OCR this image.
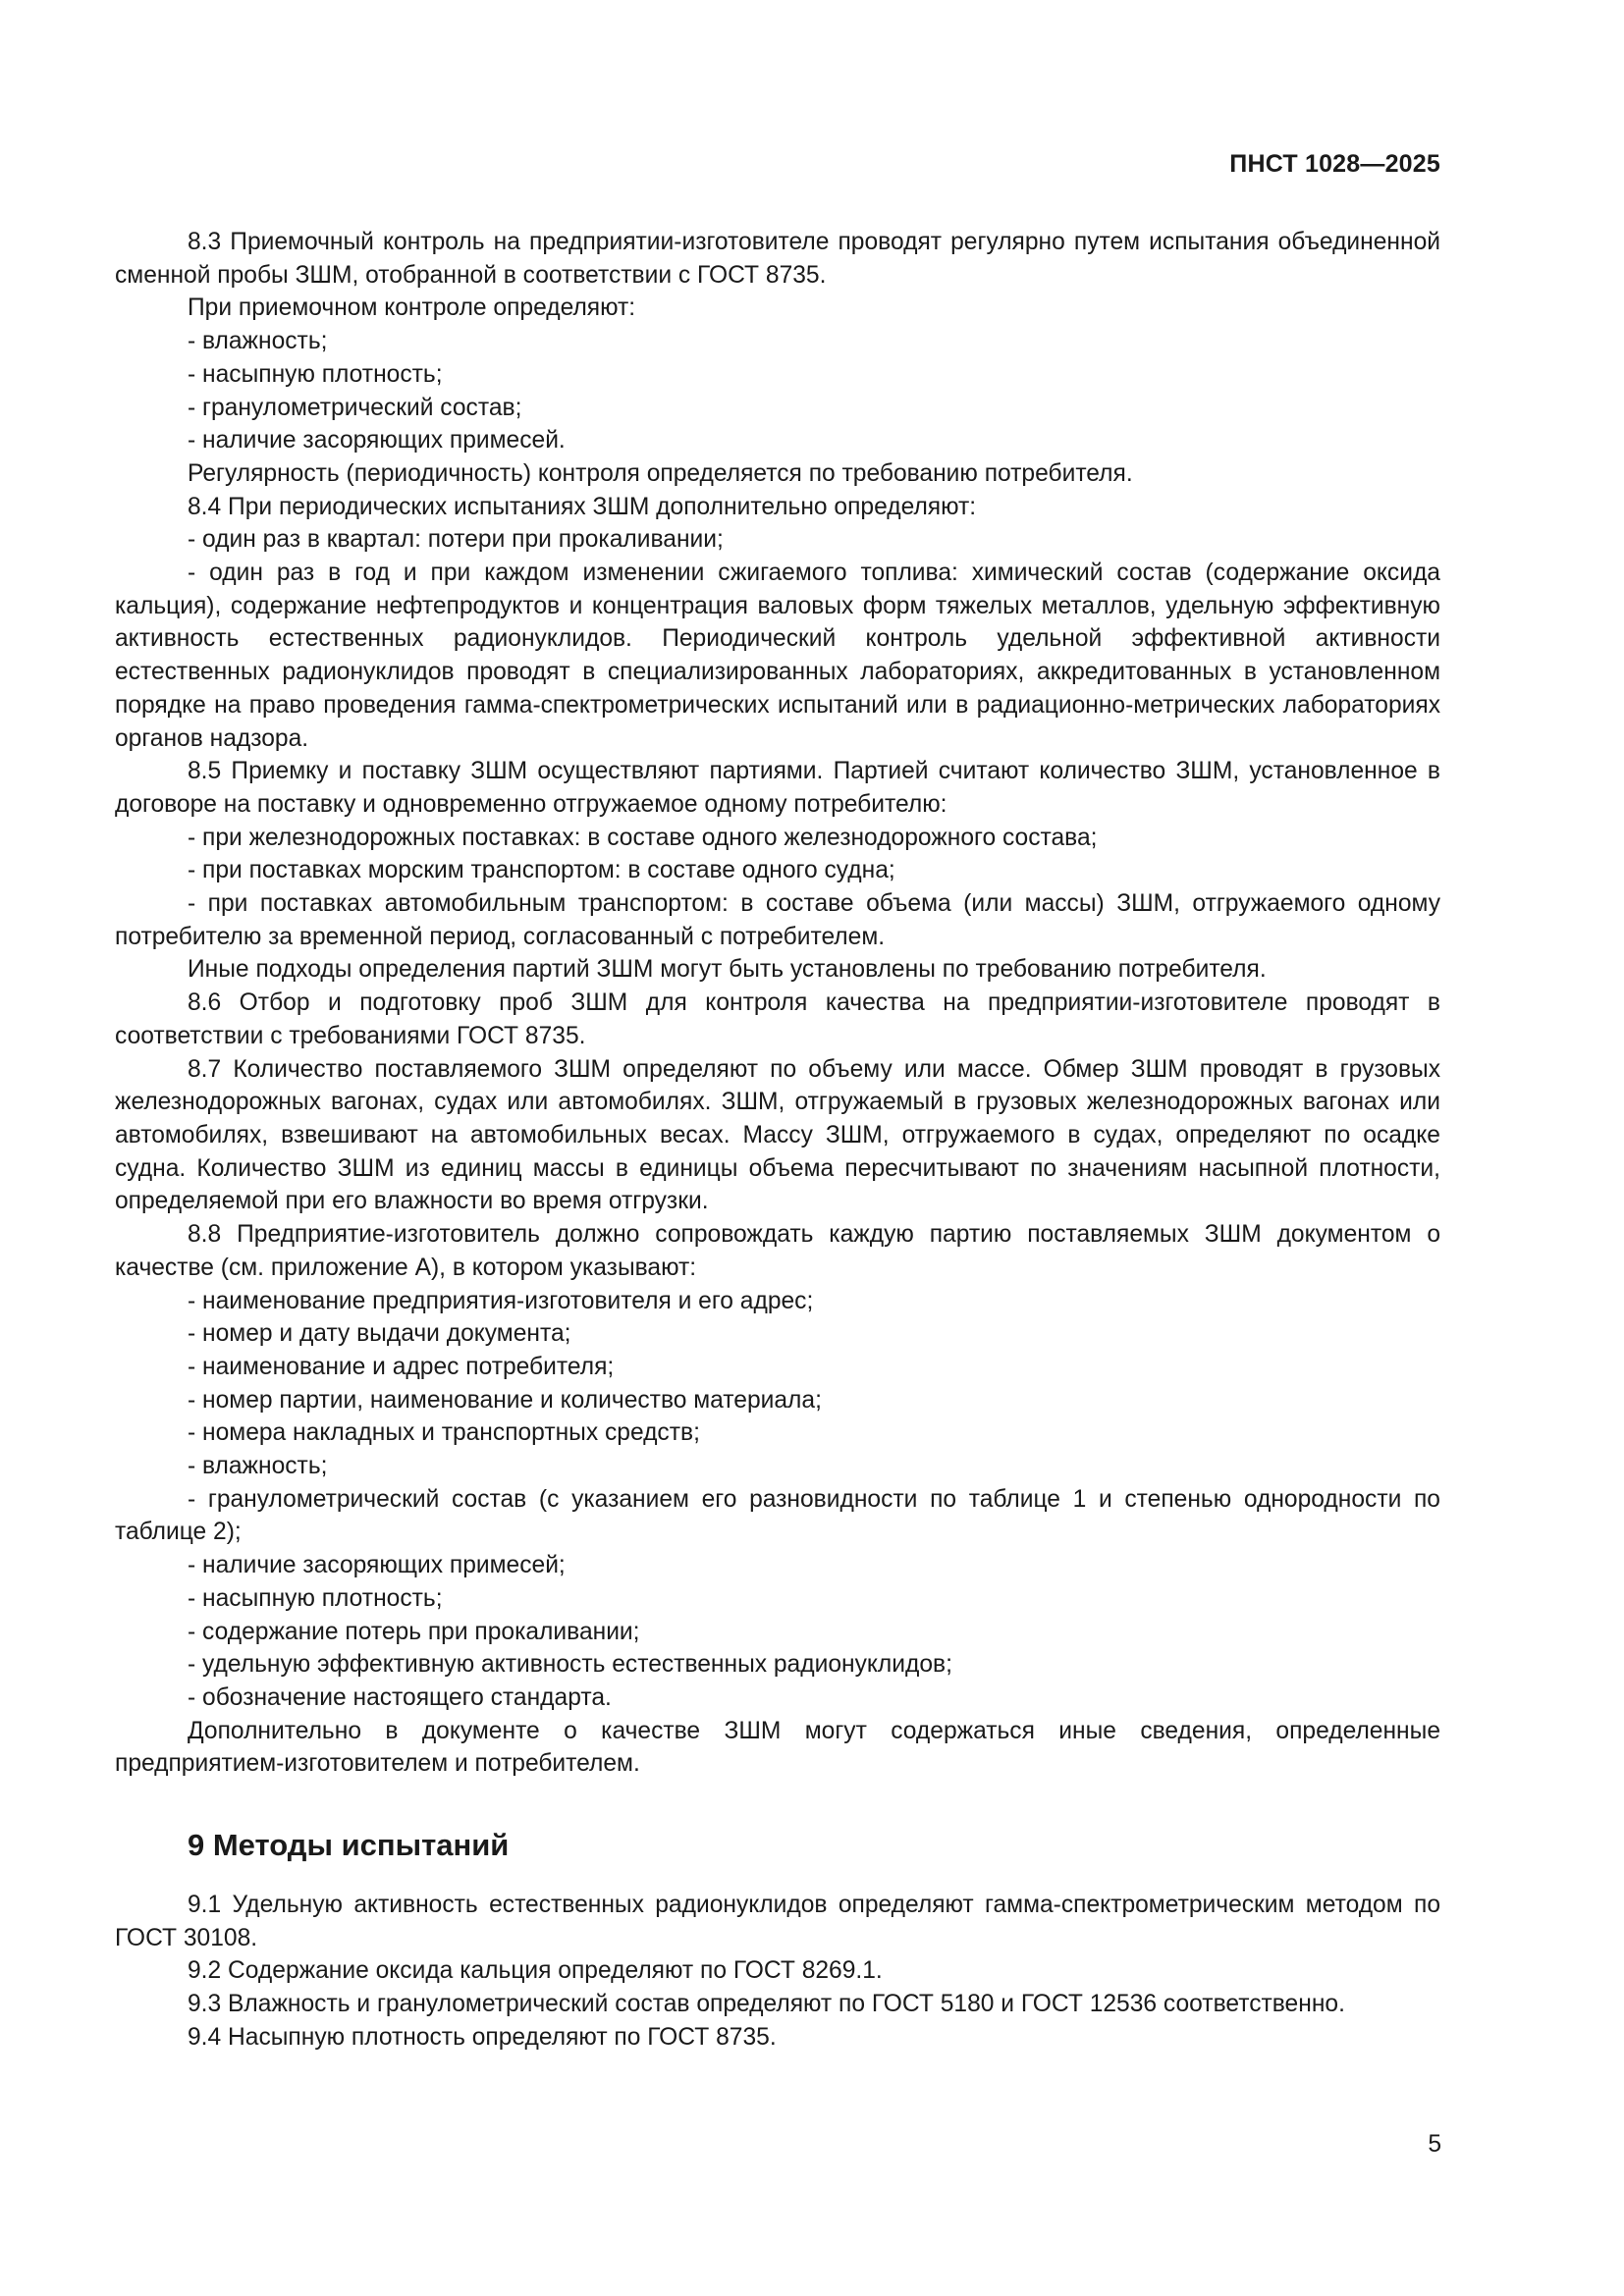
ПНСТ 1028—2025

8.3 Приемочный контроль на предприятии-изготовителе проводят регулярно путем испытания объединенной сменной пробы ЗШМ, отобранной в соответствии с ГОСТ 8735.

При приемочном контроле определяют:

- влажность;

- насыпную плотность;

- гранулометрический состав;

- наличие засоряющих примесей.

Регулярность (периодичность) контроля определяется по требованию потребителя.

8.4 При периодических испытаниях ЗШМ дополнительно определяют:

- один раз в квартал: потери при прокаливании;

- один раз в год и при каждом изменении сжигаемого топлива: химический состав (содержание оксида кальция), содержание нефтепродуктов и концентрация валовых форм тяжелых металлов, удельную эффективную активность естественных радионуклидов. Периодический контроль удельной эффективной активности естественных радионуклидов проводят в специализированных лабораториях, аккредитованных в установленном порядке на право проведения гамма-спектрометрических испытаний или в радиационно-метрических лабораториях органов надзора.

8.5 Приемку и поставку ЗШМ осуществляют партиями. Партией считают количество ЗШМ, установленное в договоре на поставку и одновременно отгружаемое одному потребителю:

- при железнодорожных поставках: в составе одного железнодорожного состава;

- при поставках морским транспортом: в составе одного судна;

- при поставках автомобильным транспортом: в составе объема (или массы) ЗШМ, отгружаемого одному потребителю за временной период, согласованный с потребителем.

Иные подходы определения партий ЗШМ могут быть установлены по требованию потребителя.

8.6 Отбор и подготовку проб ЗШМ для контроля качества на предприятии-изготовителе проводят в соответствии с требованиями ГОСТ 8735.

8.7 Количество поставляемого ЗШМ определяют по объему или массе. Обмер ЗШМ проводят в грузовых железнодорожных вагонах, судах или автомобилях. ЗШМ, отгружаемый в грузовых железнодорожных вагонах или автомобилях, взвешивают на автомобильных весах. Массу ЗШМ, отгружаемого в судах, определяют по осадке судна. Количество ЗШМ из единиц массы в единицы объема пересчитывают по значениям насыпной плотности, определяемой при его влажности во время отгрузки.

8.8 Предприятие-изготовитель должно сопровождать каждую партию поставляемых ЗШМ документом о качестве (см. приложение А), в котором указывают:

- наименование предприятия-изготовителя и его адрес;

- номер и дату выдачи документа;

- наименование и адрес потребителя;

- номер партии, наименование и количество материала;

- номера накладных и транспортных средств;

- влажность;

- гранулометрический состав (с указанием его разновидности по таблице 1 и степенью однородности по таблице 2);

- наличие засоряющих примесей;

- насыпную плотность;

- содержание потерь при прокаливании;

- удельную эффективную активность естественных радионуклидов;

- обозначение настоящего стандарта.

Дополнительно в документе о качестве ЗШМ могут содержаться иные сведения, определенные предприятием-изготовителем и потребителем.

9 Методы испытаний

9.1 Удельную активность естественных радионуклидов определяют гамма-спектрометрическим методом по ГОСТ 30108.

9.2 Содержание оксида кальция определяют по ГОСТ 8269.1.

9.3 Влажность и гранулометрический состав определяют по ГОСТ 5180 и ГОСТ 12536 соответственно.

9.4 Насыпную плотность определяют по ГОСТ 8735.

5
